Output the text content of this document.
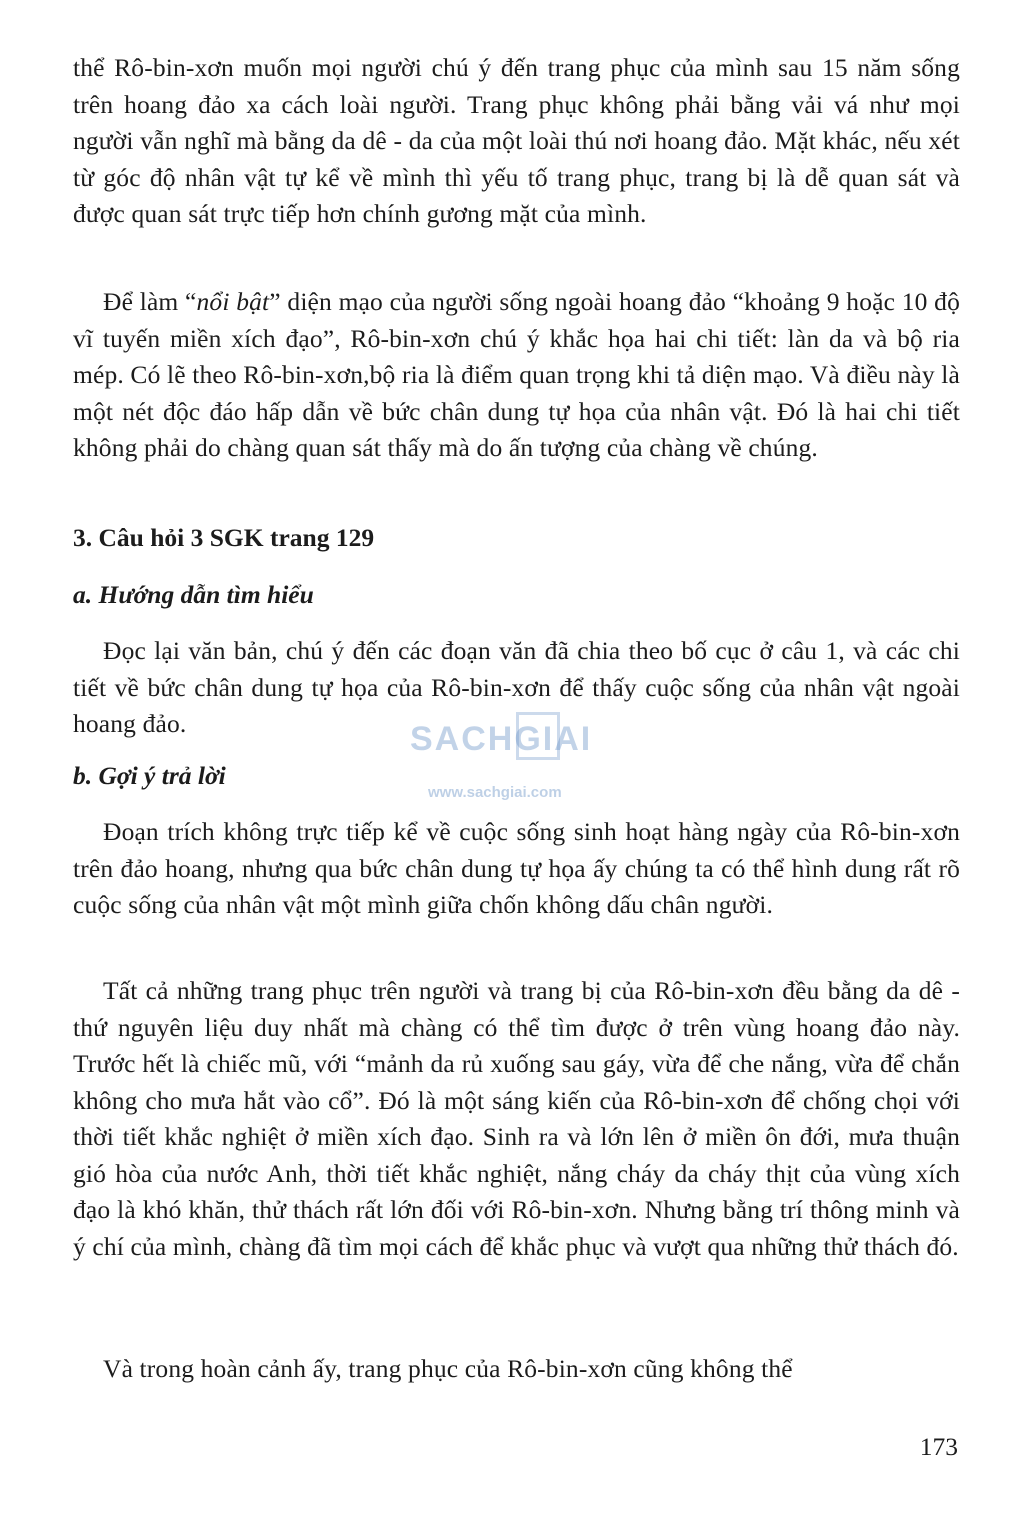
thể Rô-bin-xơn muốn mọi người chú ý đến trang phục của mình sau 15 năm sống trên hoang đảo xa cách loài người. Trang phục không phải bằng vải vá như mọi người vẫn nghĩ mà bằng da dê - da của một loài thú nơi hoang đảo. Mặt khác, nếu xét từ góc độ nhân vật tự kể về mình thì yếu tố trang phục, trang bị là dễ quan sát và được quan sát trực tiếp hơn chính gương mặt của mình.

Để làm “nổi bật” diện mạo của người sống ngoài hoang đảo “khoảng 9 hoặc 10 độ vĩ tuyến miền xích đạo”, Rô-bin-xơn chú ý khắc họa hai chi tiết: làn da và bộ ria mép. Có lẽ theo Rô-bin-xơn,bộ ria là điểm quan trọng khi tả diện mạo. Và điều này là một nét độc đáo hấp dẫn về bức chân dung tự họa của nhân vật. Đó là hai chi tiết không phải do chàng quan sát thấy mà do ấn tượng của chàng về chúng.

3. Câu hỏi 3 SGK trang 129
a. Hướng dẫn tìm hiểu

Đọc lại văn bản, chú ý đến các đoạn văn đã chia theo bố cục ở câu 1, và các chi tiết về bức chân dung tự họa của Rô-bin-xơn để thấy cuộc sống của nhân vật ngoài hoang đảo.

b. Gợi ý trả lời

Đoạn trích không trực tiếp kể về cuộc sống sinh hoạt hàng ngày của Rô-bin-xơn trên đảo hoang, nhưng qua bức chân dung tự họa ấy chúng ta có thể hình dung rất rõ cuộc sống của nhân vật một mình giữa chốn không dấu chân người.

Tất cả những trang phục trên người và trang bị của Rô-bin-xơn đều bằng da dê - thứ nguyên liệu duy nhất mà chàng có thể tìm được ở trên vùng hoang đảo này. Trước hết là chiếc mũ, với “mảnh da rủ xuống sau gáy, vừa để che nắng, vừa để chắn không cho mưa hắt vào cổ”. Đó là một sáng kiến của Rô-bin-xơn để chống chọi với thời tiết khắc nghiệt ở miền xích đạo. Sinh ra và lớn lên ở miền ôn đới, mưa thuận gió hòa của nước Anh, thời tiết khắc nghiệt, nắng cháy da cháy thịt của vùng xích đạo là khó khăn, thử thách rất lớn đối với Rô-bin-xơn. Nhưng bằng trí thông minh và ý chí của mình, chàng đã tìm mọi cách để khắc phục và vượt qua những thử thách đó.

Và trong hoàn cảnh ấy, trang phục của Rô-bin-xơn cũng không thể

SACHGIAI
www.sachgiai.com

173
